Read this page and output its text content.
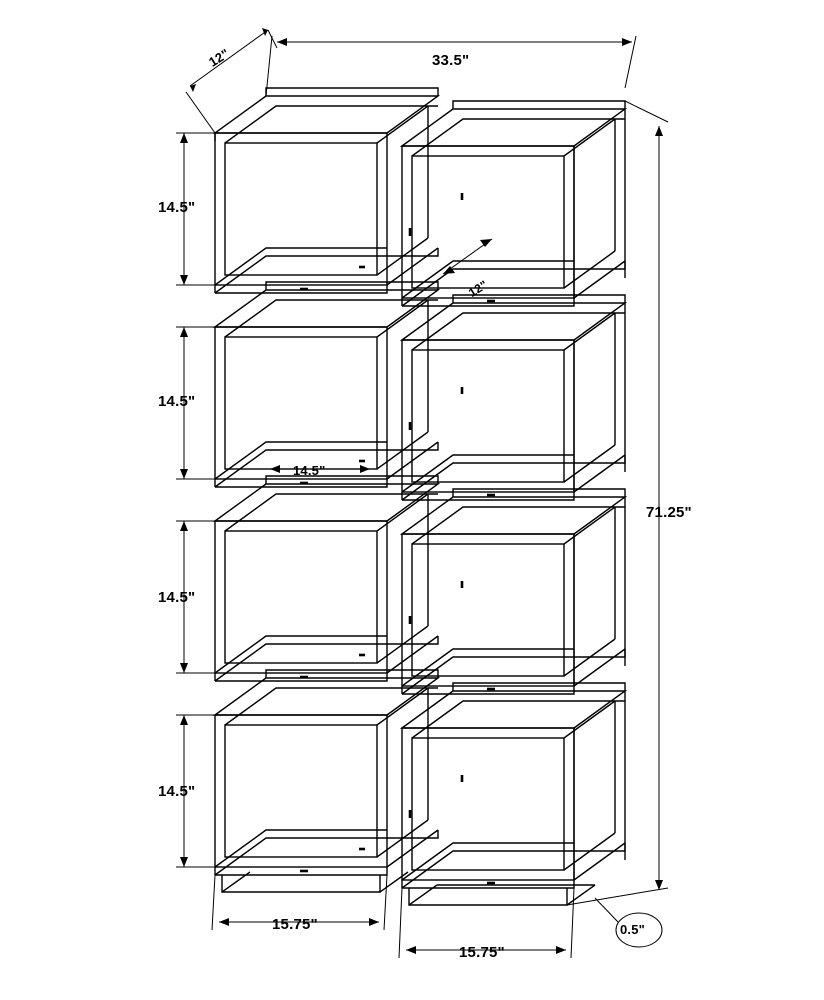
12"	33.5"
14.5"
14.5"
14.5"
14.5"
12"
14.5"
71.25"
15.75"
15.75"
0.5"
